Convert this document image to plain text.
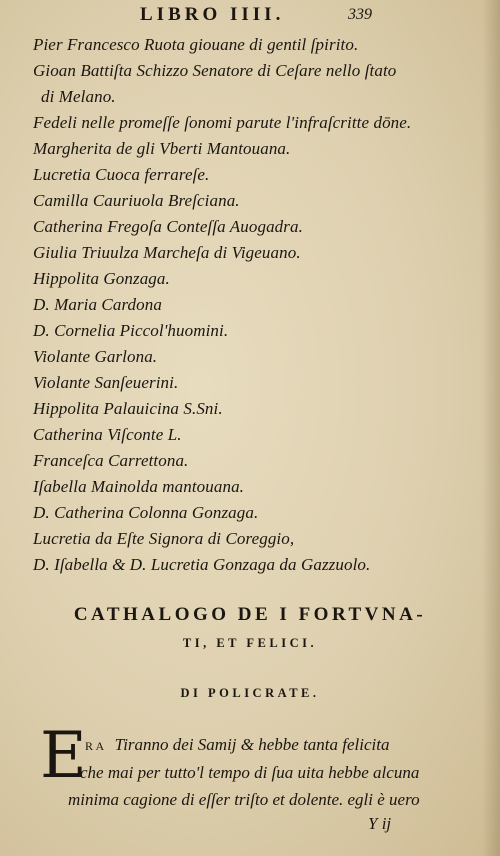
LIBRO IIII.	339
Pier Francesco Ruota giouane di gentil ſpirito.
Gioan Battiſta Schizzo Senatore di Ceſare nello ſtato
di Melano.
Fedeli nelle promeſſe ſonomi parute l'infraſcritte dōne.
Margherita de gli Vberti Mantouana.
Lucretia Cuoca ferrareſe.
Camilla Cauriuola Breſciana.
Catherina Fregoſa Conteſſa Auogadra.
Giulia Triuulza Marcheſa di Vigeuano.
Hippolita Gonzaga.
D. Maria Cardona
D. Cornelia Piccol'huomini.
Violante Garlona.
Violante Sanſeuerini.
Hippolita Palauicina S.Sni.
Catherina Viſconte L.
Franceſca Carrettona.
Iſabella Mainolda mantouana.
D. Catherina Colonna Gonzaga.
Lucretia da Eſte Signora di Coreggio,
D. Iſabella & D. Lucretia Gonzaga da Gazzuolo.
CATHALOGO DE I FORTVNA-
TI, ET FELICI.
DI POLICRATE.
E
RA Tiranno dei Samij & hebbe tanta felicita
che mai per tutto'l tempo di ſua uita hebbe alcuna
minima cagione di eſſer triſto et dolente. egli è uero
Y ij
